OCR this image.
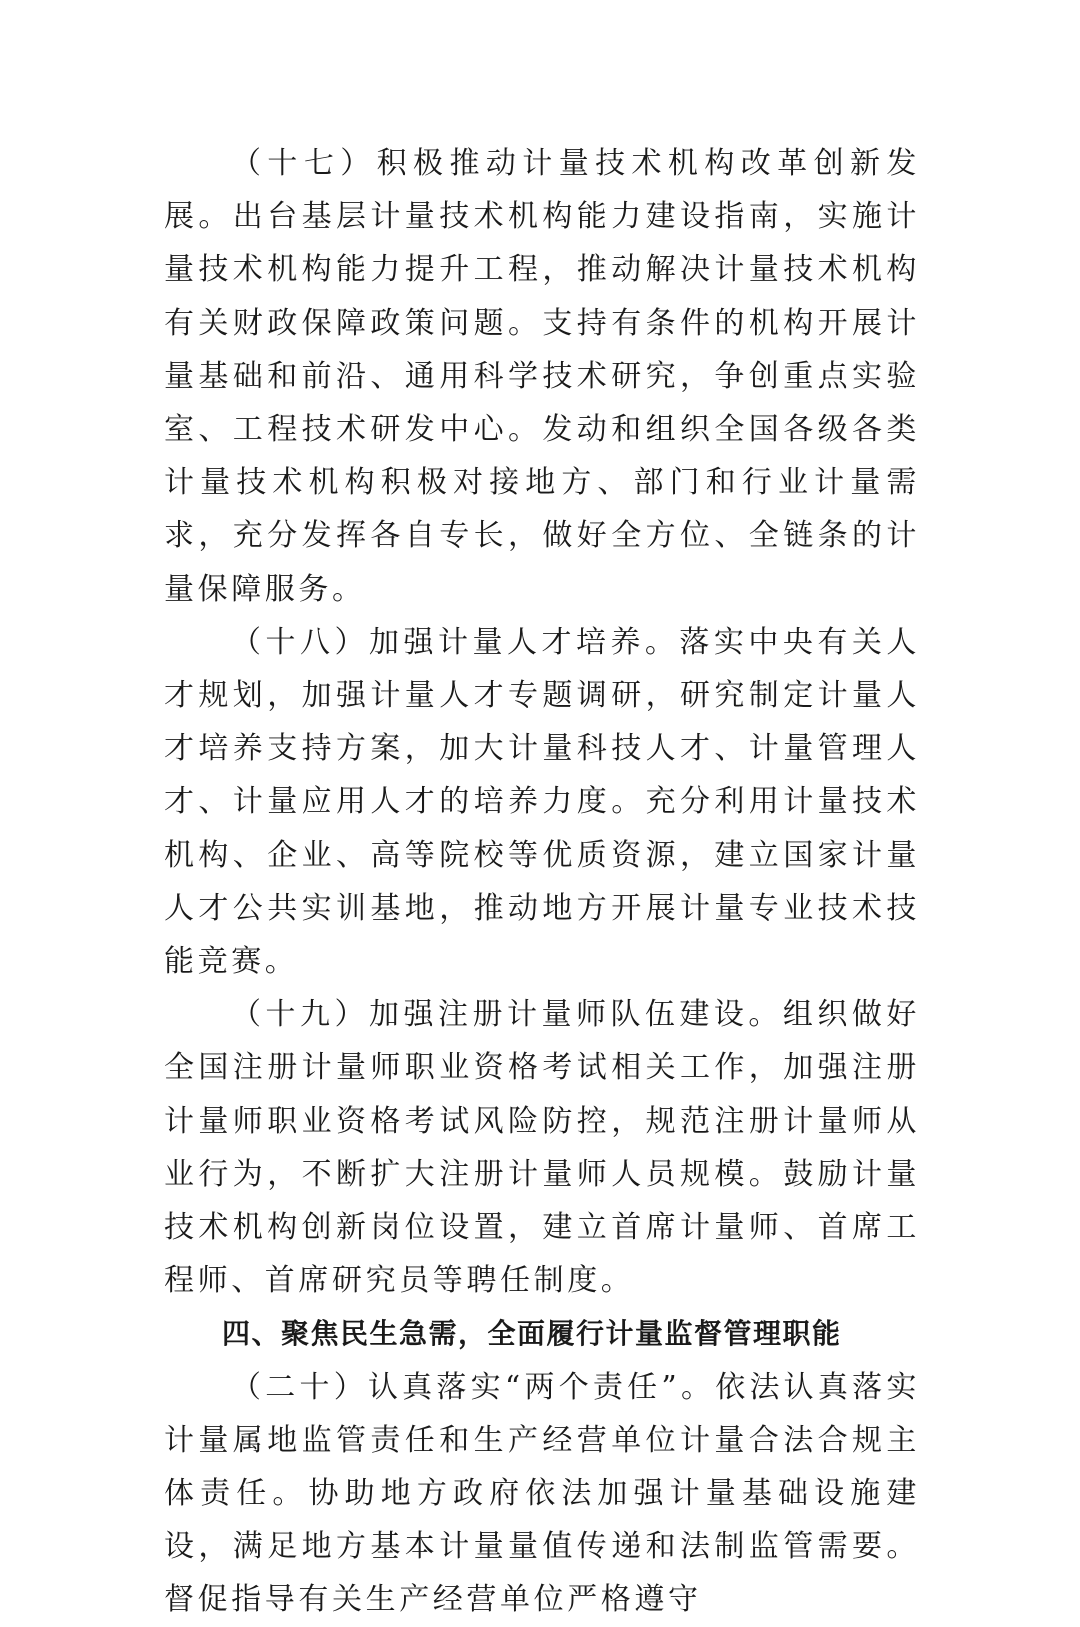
（十七）积极推动计量技术机构改革创新发展。出台基层计量技术机构能力建设指南，实施计量技术机构能力提升工程，推动解决计量技术机构有关财政保障政策问题。支持有条件的机构开展计量基础和前沿、通用科学技术研究，争创重点实验室、工程技术研发中心。发动和组织全国各级各类计量技术机构积极对接地方、部门和行业计量需求，充分发挥各自专长，做好全方位、全链条的计量保障服务。

（十八）加强计量人才培养。落实中央有关人才规划，加强计量人才专题调研，研究制定计量人才培养支持方案，加大计量科技人才、计量管理人才、计量应用人才的培养力度。充分利用计量技术机构、企业、高等院校等优质资源，建立国家计量人才公共实训基地，推动地方开展计量专业技术技能竞赛。

（十九）加强注册计量师队伍建设。组织做好全国注册计量师职业资格考试相关工作，加强注册计量师职业资格考试风险防控，规范注册计量师从业行为，不断扩大注册计量师人员规模。鼓励计量技术机构创新岗位设置，建立首席计量师、首席工程师、首席研究员等聘任制度。

四、聚焦民生急需，全面履行计量监督管理职能

（二十）认真落实“两个责任”。依法认真落实计量属地监管责任和生产经营单位计量合法合规主体责任。协助地方政府依法加强计量基础设施建设，满足地方基本计量量值传递和法制监管需要。督促指导有关生产经营单位严格遵守
